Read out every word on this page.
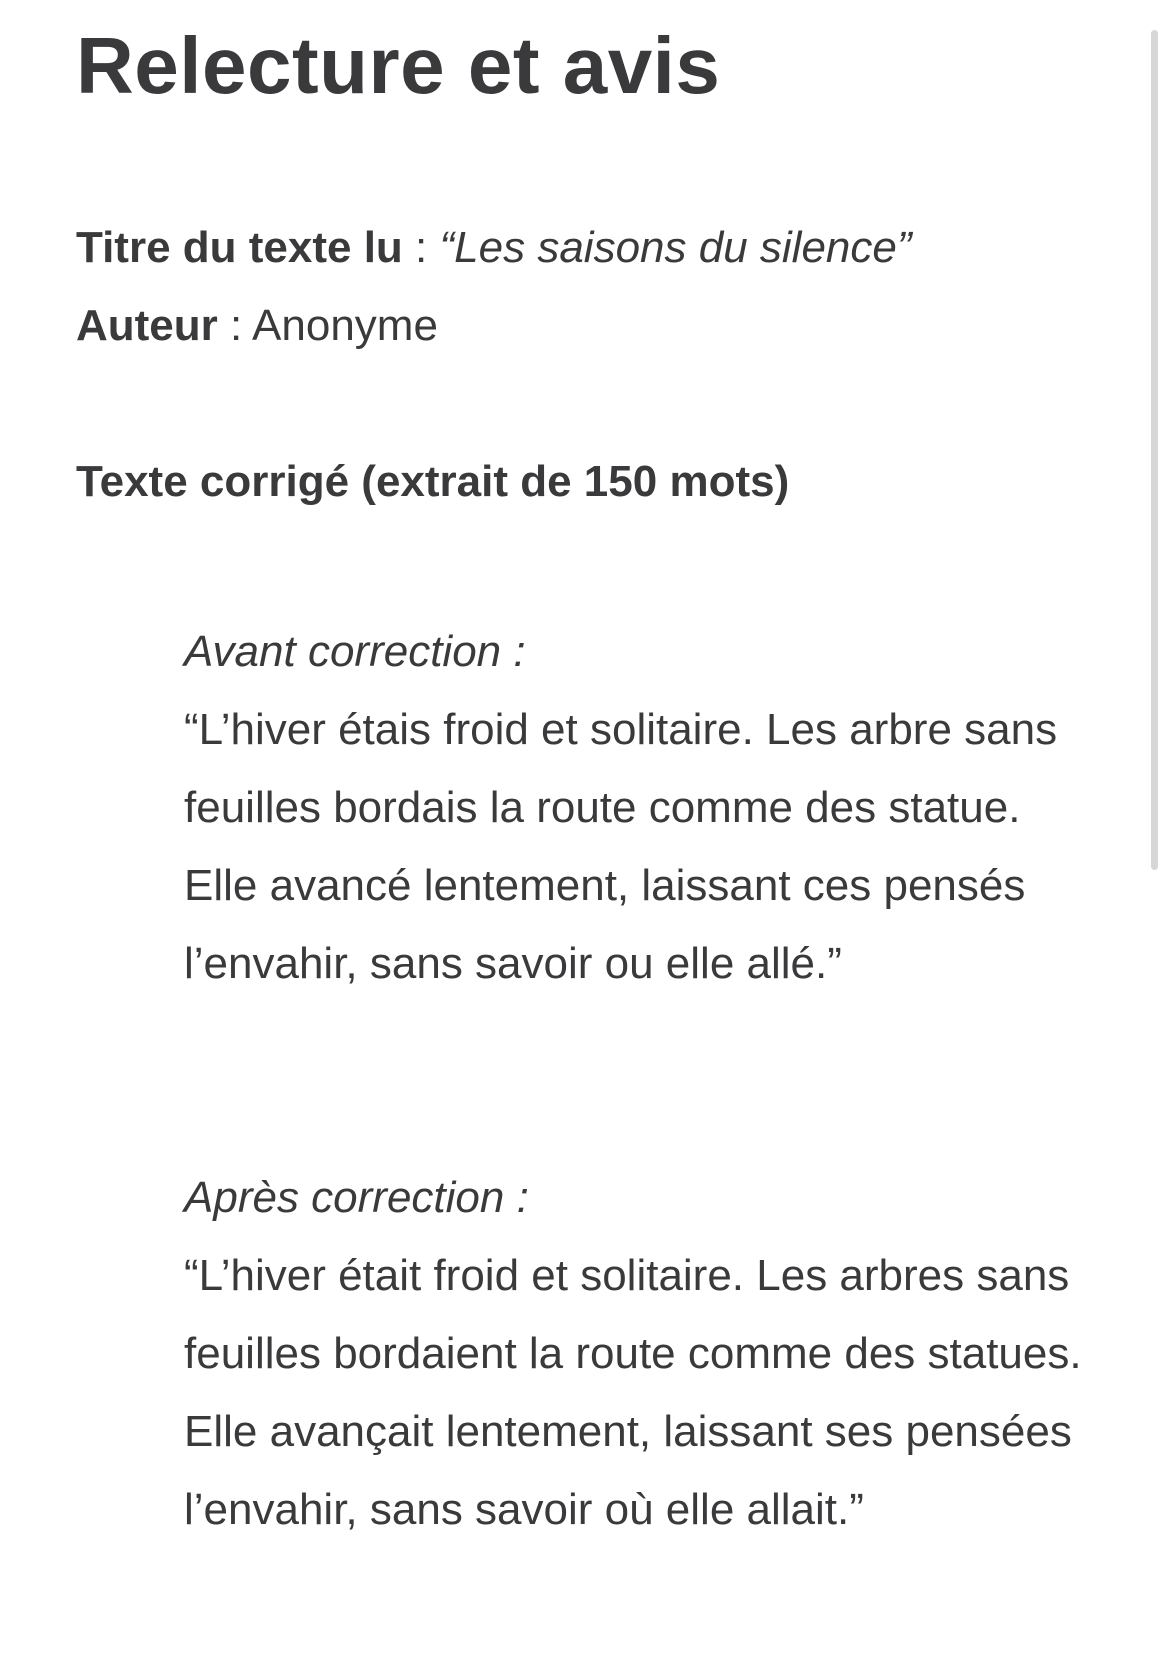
Relecture et avis
Titre du texte lu : “Les saisons du silence”
Auteur : Anonyme
Texte corrigé (extrait de 150 mots)
Avant correction :

“L’hiver étais froid et solitaire. Les arbre sans feuilles bordais la route comme des statue. Elle avancé lentement, laissant ces pensés l’envahir, sans savoir ou elle allé.”

Après correction :

“L’hiver était froid et solitaire. Les arbres sans feuilles bordaient la route comme des statues. Elle avançait lentement, laissant ses pensées l’envahir, sans savoir où elle allait.”
